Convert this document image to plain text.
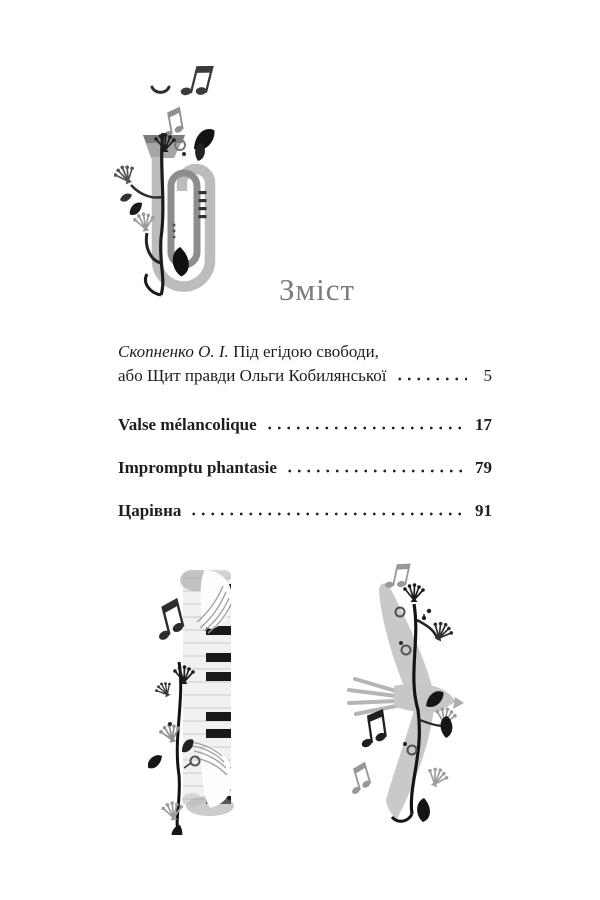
Зміст
Скопненко О. І. Під егідою свободи,
або Щит правди Ольги Кобилянської	5
Valse mélancolique	17
Impromptu phantasie	79
Царівна	91
